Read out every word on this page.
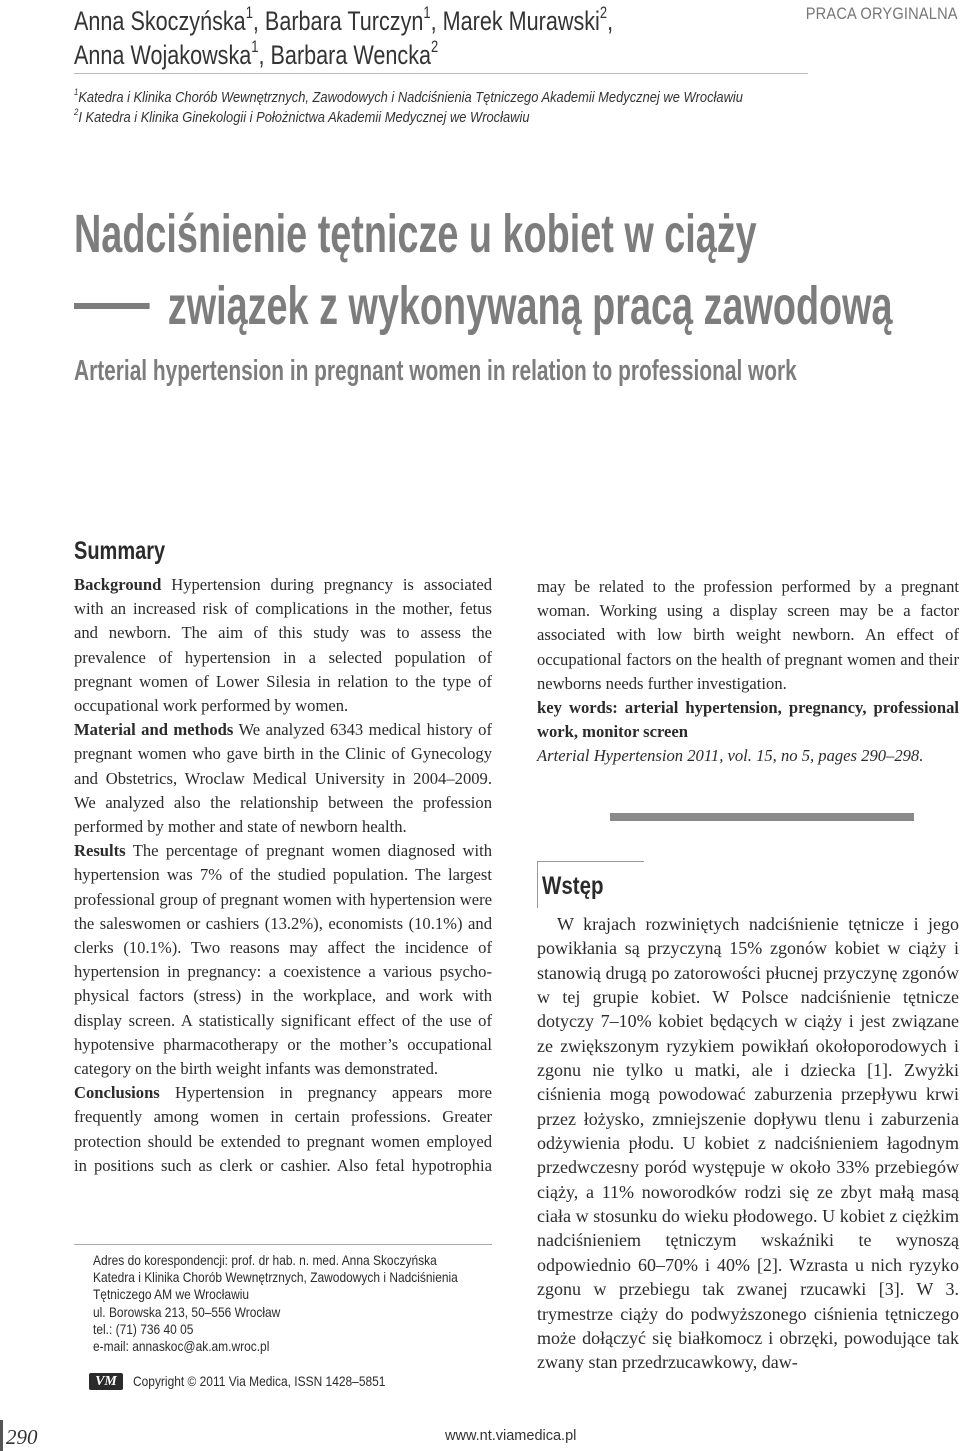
Anna Skoczyńska$^1$, Barbara Turczyn$^1$, Marek Murawski$^2$,
Anna Wojakowska$^1$, Barbara Wencka$^2$
PRACA ORYGINALNA
$^1$Katedra i Klinika Chorób Wewnętrznych, Zawodowych i Nadciśnienia Tętniczego Akademii Medycznej we Wrocławiu
$^2$I Katedra i Klinika Ginekologii i Położnictwa Akademii Medycznej we Wrocławiu
Nadciśnienie tętnicze u kobiet w ciąży
związek z wykonywaną pracą zawodową
Arterial hypertension in pregnant women in relation to professional work
Summary

Background Hypertension during pregnancy is associated with an increased risk of complications in the mother, fetus and newborn. The aim of this study was to assess the prevalence of hypertension in a selected population of pregnant women of Lower Silesia in relation to the type of occupational work performed by women.

Material and methods We analyzed 6343 medical history of pregnant women who gave birth in the Clinic of Gynecology and Obstetrics, Wroclaw Medical University in 2004–2009. We analyzed also the relationship between the profession performed by mother and state of newborn health.

Results The percentage of pregnant women diagnosed with hypertension was 7% of the studied population. The largest professional group of pregnant women with hypertension were the saleswomen or cashiers (13.2%), economists (10.1%) and clerks (10.1%). Two reasons may affect the incidence of hypertension in pregnancy: a coexistence a various psycho-physical factors (stress) in the workplace, and work with display screen. A statistically significant effect of the use of hypotensive pharmacotherapy or the mother’s occupational category on the birth weight infants was demonstrated.

Conclusions Hypertension in pregnancy appears more frequently among women in certain professions. Greater protection should be extended to pregnant women employed in positions such as clerk or cashier. Also fetal hypotrophia

may be related to the profession performed by a pregnant woman. Working using a display screen may be a factor associated with low birth weight newborn. An effect of occupational factors on the health of pregnant women and their newborns needs further investigation.

key words: arterial hypertension, pregnancy, professional work, monitor screen

Arterial Hypertension 2011, vol. 15, no 5, pages 290–298.

Adres do korespondencji: prof. dr hab. n. med. Anna Skoczyńska
Katedra i Klinika Chorób Wewnętrznych, Zawodowych i Nadciśnienia
Tętniczego AM we Wrocławiu
ul. Borowska 213, 50–556 Wrocław
tel.: (71) 736 40 05
e-mail: annaskoc@ak.am.wroc.pl
VM	Copyright © 2011 Via Medica, ISSN 1428–5851
Wstęp

W krajach rozwiniętych nadciśnienie tętnicze i jego powikłania są przyczyną 15% zgonów kobiet w ciąży i stanowią drugą po zatorowości płucnej przyczynę zgonów w tej grupie kobiet. W Polsce nadciśnienie tętnicze dotyczy 7–10% kobiet będących w ciąży i jest związane ze zwiększonym ryzykiem powikłań okołoporodowych i zgonu nie tylko u matki, ale i dziecka [1]. Zwyżki ciśnienia mogą powodować zaburzenia przepływu krwi przez łożysko, zmniejszenie dopływu tlenu i zaburzenia odżywienia płodu. U kobiet z nadciśnieniem łagodnym przedwczesny poród występuje w około 33% przebiegów ciąży, a 11% noworodków rodzi się ze zbyt małą masą ciała w stosunku do wieku płodowego. U kobiet z ciężkim nadciśnieniem tętniczym wskaźniki te wynoszą odpowiednio 60–70% i 40% [2]. Wzrasta u nich ryzyko zgonu w przebiegu tak zwanej rzucawki [3]. W 3. trymestrze ciąży do podwyższonego ciśnienia tętniczego może dołączyć się białkomocz i obrzęki, powodujące tak zwany stan przedrzucawkowy, daw-

290	www.nt.viamedica.pl
